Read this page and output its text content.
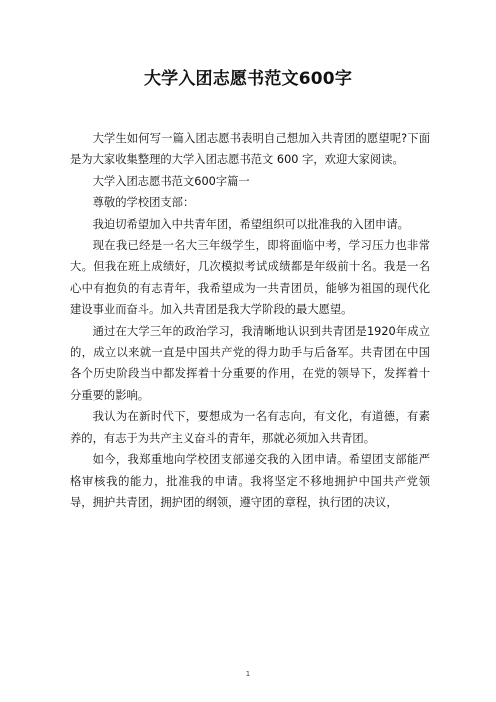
大学入团志愿书范文600字

大学生如何写一篇入团志愿书表明自己想加入共青团的愿望呢?下面是为大家收集整理的大学入团志愿书范文 600 字，欢迎大家阅读。

大学入团志愿书范文600字篇一

尊敬的学校团支部：

我迫切希望加入中共青年团，希望组织可以批准我的入团申请。

现在我已经是一名大三年级学生，即将面临中考，学习压力也非常大。但我在班上成绩好，几次模拟考试成绩都是年级前十名。我是一名心中有抱负的有志青年，我希望成为一共青团员，能够为祖国的现代化建设事业而奋斗。加入共青团是我大学阶段的最大愿望。

通过在大学三年的政治学习，我清晰地认识到共青团是1920年成立的，成立以来就一直是中国共产党的得力助手与后备军。共青团在中国各个历史阶段当中都发挥着十分重要的作用，在党的领导下，发挥着十分重要的影响。

我认为在新时代下，要想成为一名有志向，有文化，有道德，有素养的，有志于为共产主义奋斗的青年，那就必须加入共青团。

如今，我郑重地向学校团支部递交我的入团申请。希望团支部能严格审核我的能力，批准我的申请。我将坚定不移地拥护中国共产党领导，拥护共青团，拥护团的纲领，遵守团的章程，执行团的决议，

1
